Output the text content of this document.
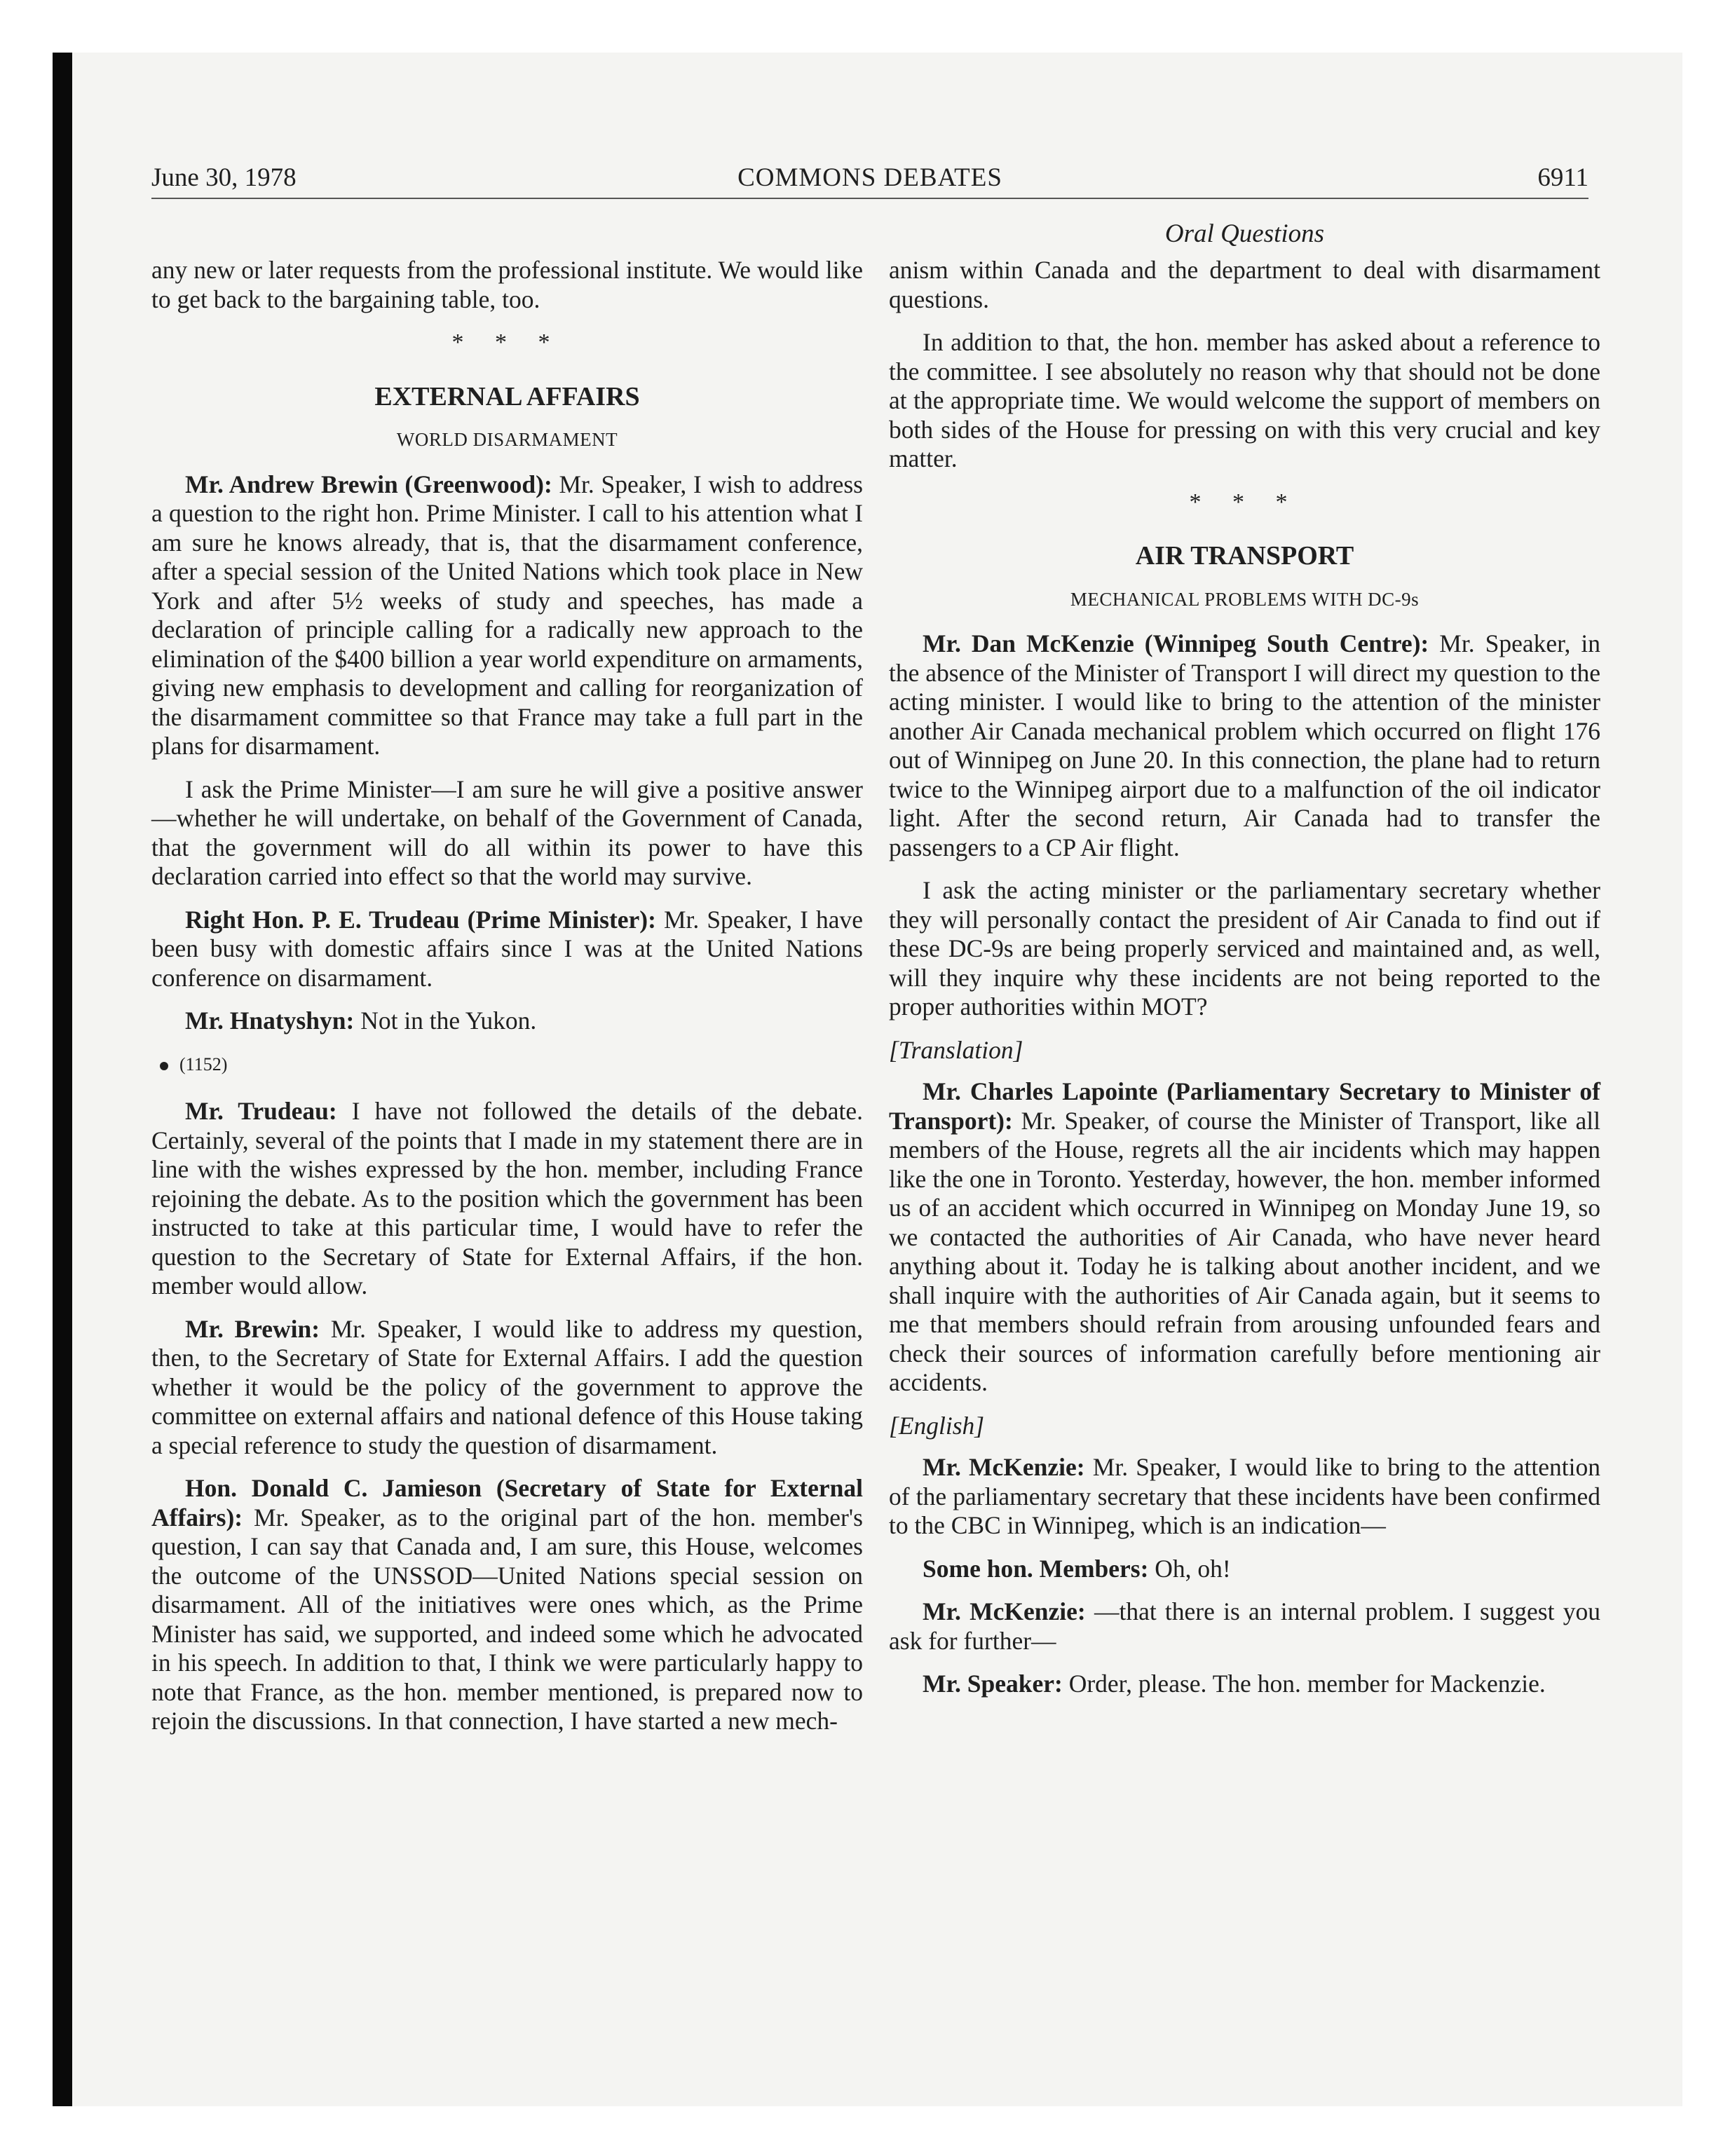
June 30, 1978	COMMONS DEBATES	6911
Oral Questions

any new or later requests from the professional institute. We would like to get back to the bargaining table, too.

* * *
EXTERNAL AFFAIRS
WORLD DISARMAMENT

Mr. Andrew Brewin (Greenwood): Mr. Speaker, I wish to address a question to the right hon. Prime Minister. I call to his attention what I am sure he knows already, that is, that the disarmament conference, after a special session of the United Nations which took place in New York and after 5½ weeks of study and speeches, has made a declaration of principle calling for a radically new approach to the elimination of the $400 billion a year world expenditure on armaments, giving new emphasis to development and calling for reorganization of the disarmament committee so that France may take a full part in the plans for disarmament.

I ask the Prime Minister—I am sure he will give a positive answer—whether he will undertake, on behalf of the Government of Canada, that the government will do all within its power to have this declaration carried into effect so that the world may survive.

Right Hon. P. E. Trudeau (Prime Minister): Mr. Speaker, I have been busy with domestic affairs since I was at the United Nations conference on disarmament.

Mr. Hnatyshyn: Not in the Yukon.

(1152)

Mr. Trudeau: I have not followed the details of the debate. Certainly, several of the points that I made in my statement there are in line with the wishes expressed by the hon. member, including France rejoining the debate. As to the position which the government has been instructed to take at this particular time, I would have to refer the question to the Secretary of State for External Affairs, if the hon. member would allow.

Mr. Brewin: Mr. Speaker, I would like to address my question, then, to the Secretary of State for External Affairs. I add the question whether it would be the policy of the government to approve the committee on external affairs and national defence of this House taking a special reference to study the question of disarmament.

Hon. Donald C. Jamieson (Secretary of State for External Affairs): Mr. Speaker, as to the original part of the hon. member's question, I can say that Canada and, I am sure, this House, welcomes the outcome of the UNSSOD—United Nations special session on disarmament. All of the initiatives were ones which, as the Prime Minister has said, we supported, and indeed some which he advocated in his speech. In addition to that, I think we were particularly happy to note that France, as the hon. member mentioned, is prepared now to rejoin the discussions. In that connection, I have started a new mech-

anism within Canada and the department to deal with disarmament questions.

In addition to that, the hon. member has asked about a reference to the committee. I see absolutely no reason why that should not be done at the appropriate time. We would welcome the support of members on both sides of the House for pressing on with this very crucial and key matter.

* * *
AIR TRANSPORT
MECHANICAL PROBLEMS WITH DC-9s

Mr. Dan McKenzie (Winnipeg South Centre): Mr. Speaker, in the absence of the Minister of Transport I will direct my question to the acting minister. I would like to bring to the attention of the minister another Air Canada mechanical problem which occurred on flight 176 out of Winnipeg on June 20. In this connection, the plane had to return twice to the Winnipeg airport due to a malfunction of the oil indicator light. After the second return, Air Canada had to transfer the passengers to a CP Air flight.

I ask the acting minister or the parliamentary secretary whether they will personally contact the president of Air Canada to find out if these DC-9s are being properly serviced and maintained and, as well, will they inquire why these incidents are not being reported to the proper authorities within MOT?

[Translation]

Mr. Charles Lapointe (Parliamentary Secretary to Minister of Transport): Mr. Speaker, of course the Minister of Transport, like all members of the House, regrets all the air incidents which may happen like the one in Toronto. Yesterday, however, the hon. member informed us of an accident which occurred in Winnipeg on Monday June 19, so we contacted the authorities of Air Canada, who have never heard anything about it. Today he is talking about another incident, and we shall inquire with the authorities of Air Canada again, but it seems to me that members should refrain from arousing unfounded fears and check their sources of information carefully before mentioning air accidents.

[English]

Mr. McKenzie: Mr. Speaker, I would like to bring to the attention of the parliamentary secretary that these incidents have been confirmed to the CBC in Winnipeg, which is an indication—

Some hon. Members: Oh, oh!

Mr. McKenzie: —that there is an internal problem. I suggest you ask for further—

Mr. Speaker: Order, please. The hon. member for Mackenzie.
